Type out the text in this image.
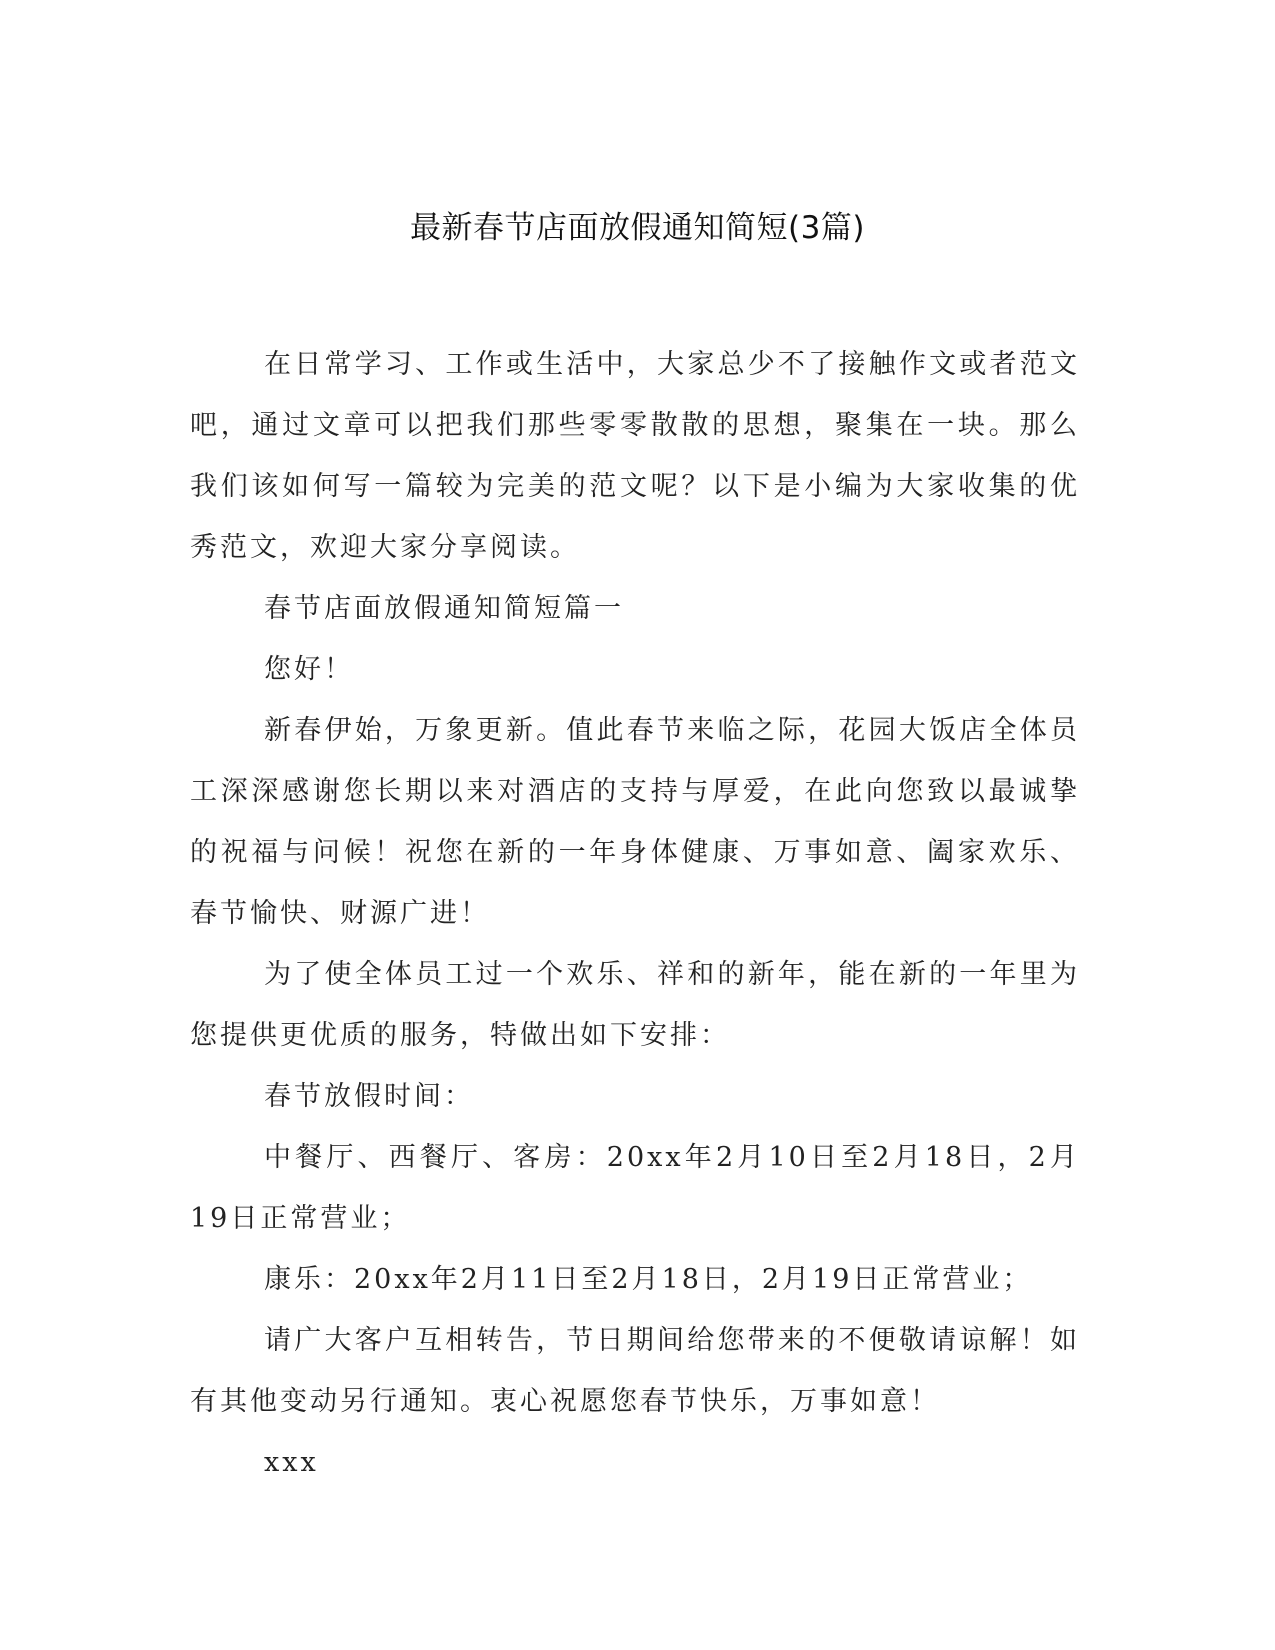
最新春节店面放假通知简短(3篇)

在日常学习、工作或生活中，大家总少不了接触作文或者范文吧，通过文章可以把我们那些零零散散的思想，聚集在一块。那么我们该如何写一篇较为完美的范文呢？以下是小编为大家收集的优秀范文，欢迎大家分享阅读。

春节店面放假通知简短篇一

您好！

新春伊始，万象更新。值此春节来临之际，花园大饭店全体员工深深感谢您长期以来对酒店的支持与厚爱，在此向您致以最诚挚的祝福与问候！祝您在新的一年身体健康、万事如意、阖家欢乐、春节愉快、财源广进！

为了使全体员工过一个欢乐、祥和的新年，能在新的一年里为您提供更优质的服务，特做出如下安排：

春节放假时间：

中餐厅、西餐厅、客房：20xx年2月10日至2月18日，2月19日正常营业；

康乐：20xx年2月11日至2月18日，2月19日正常营业；

请广大客户互相转告，节日期间给您带来的不便敬请谅解！如有其他变动另行通知。衷心祝愿您春节快乐，万事如意！

xxx
